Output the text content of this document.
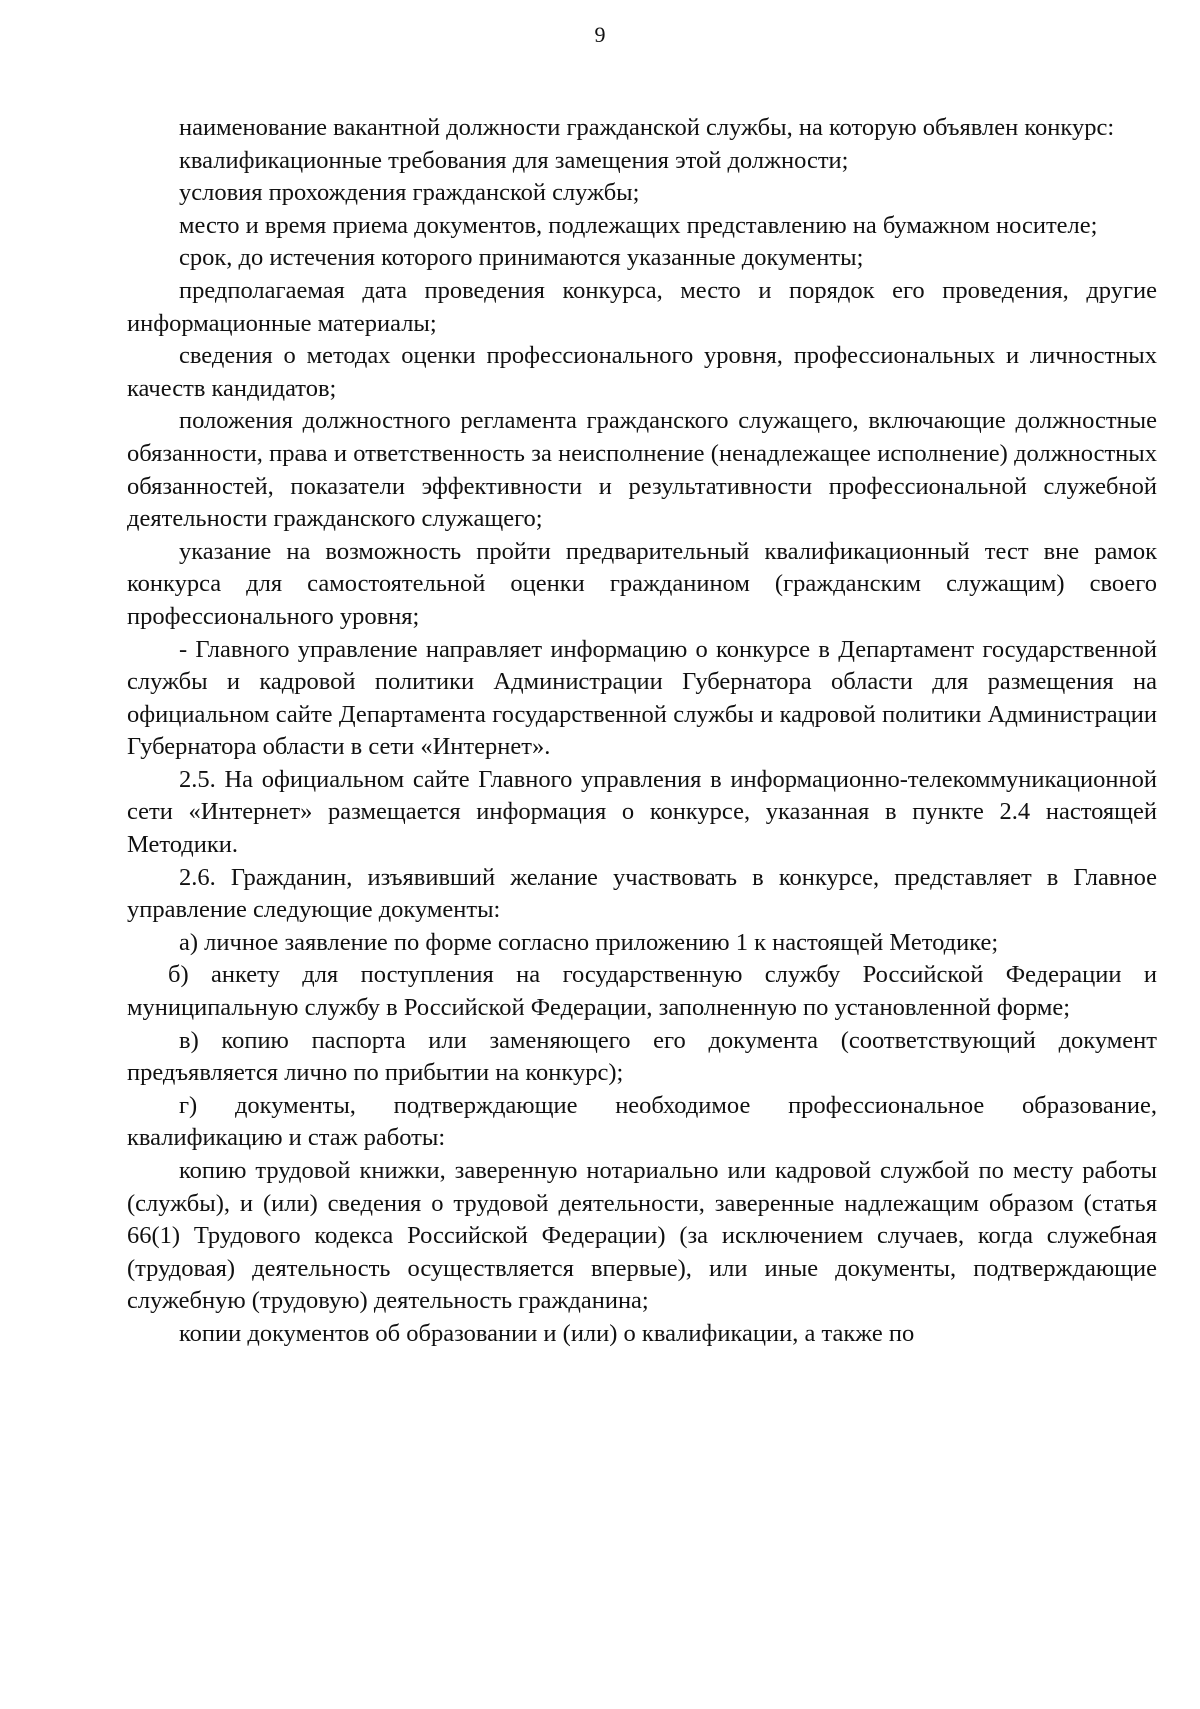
9

наименование вакантной должности гражданской службы, на которую объявлен конкурс:

квалификационные требования для замещения этой должности;

условия прохождения гражданской службы;

место и время приема документов, подлежащих представлению на бумажном носителе;

срок, до истечения которого принимаются указанные документы;

предполагаемая дата проведения конкурса, место и порядок его проведения, другие информационные материалы;

сведения о методах оценки профессионального уровня, профессиональных и личностных качеств кандидатов;

положения должностного регламента гражданского служащего, включающие должностные обязанности, права и ответственность за неисполнение (ненадлежащее исполнение) должностных обязанностей, показатели эффективности и результативности профессиональной служебной деятельности гражданского служащего;

указание на возможность пройти предварительный квалификационный тест вне рамок конкурса для самостоятельной оценки гражданином (гражданским служащим) своего профессионального уровня;

- Главного управление направляет информацию о конкурсе в Департамент государственной службы и кадровой политики Администрации Губернатора области для размещения на официальном сайте Департамента государственной службы и кадровой политики Администрации Губернатора области в сети «Интернет».

2.5. На официальном сайте Главного управления в информационно-телекоммуникационной сети «Интернет» размещается информация о конкурсе, указанная в пункте 2.4 настоящей Методики.

2.6. Гражданин, изъявивший желание участвовать в конкурсе, представляет в Главное управление следующие документы:

а) личное заявление по форме согласно приложению 1 к настоящей Методике;

б) анкету для поступления на государственную службу Российской Федерации и муниципальную службу в Российской Федерации, заполненную по установленной форме;

в) копию паспорта или заменяющего его документа (соответствующий документ предъявляется лично по прибытии на конкурс);

г) документы, подтверждающие необходимое профессиональное образование, квалификацию и стаж работы:

копию трудовой книжки, заверенную нотариально или кадровой службой по месту работы (службы), и (или) сведения о трудовой деятельности, заверенные надлежащим образом (статья 66(1) Трудового кодекса Российской Федерации) (за исключением случаев, когда служебная (трудовая) деятельность осуществляется впервые), или иные документы, подтверждающие служебную (трудовую) деятельность гражданина;

копии документов об образовании и (или) о квалификации, а также по
